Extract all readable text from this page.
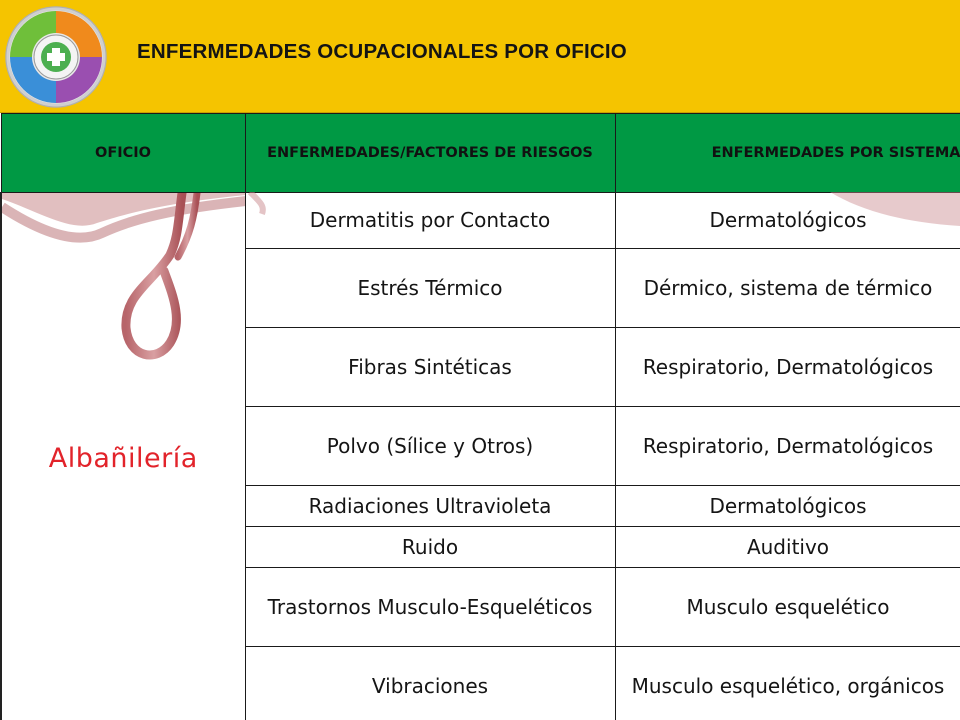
ENFERMEDADES OCUPACIONALES POR OFICIO
OFICIO	ENFERMEDADES/FACTORES DE RIESGOS	ENFERMEDADES POR SISTEMA

Albañilería	Dermatitis por Contacto	Dermatológicos
	Estrés Térmico	Dérmico, sistema de térmico
	Fibras Sintéticas	Respiratorio, Dermatológicos
	Polvo (Sílice y Otros)	Respiratorio, Dermatológicos
	Radiaciones Ultravioleta	Dermatológicos
	Ruido	Auditivo
	Trastornos Musculo-Esqueléticos	Musculo esquelético
	Vibraciones	Musculo esquelético, orgánicos
